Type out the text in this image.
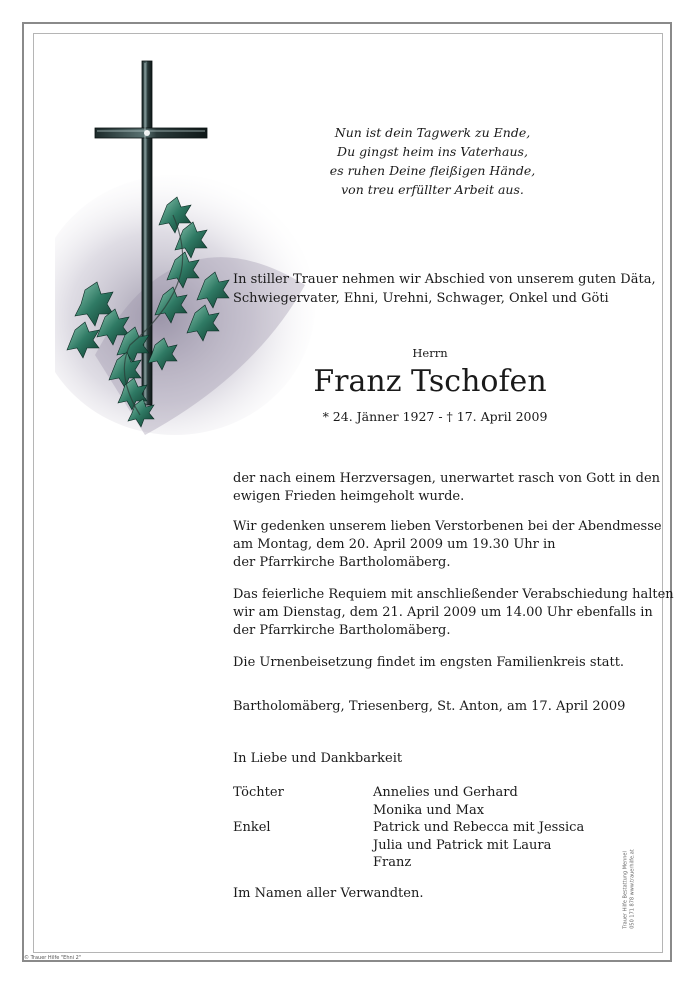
Nun ist dein Tagwerk zu Ende,
Du gingst heim ins Vaterhaus,
es ruhen Deine fleißigen Hände,
von treu erfüllter Arbeit aus.
In stiller Trauer nehmen wir Abschied von unserem guten Däta,
Schwiegervater, Ehni, Urehni, Schwager, Onkel und Göti
Herrn
Franz Tschofen
* 24. Jänner 1927 - † 17. April 2009
der nach einem Herzversagen, unerwartet rasch von Gott in den
ewigen Frieden heimgeholt wurde.
Wir gedenken unserem lieben Verstorbenen bei der Abendmesse
am Montag, dem 20. April 2009 um 19.30 Uhr in
der Pfarrkirche Bartholomäberg.
Das feierliche Requiem mit anschließender Verabschiedung halten
wir am Dienstag, dem 21. April 2009 um 14.00 Uhr ebenfalls in
der Pfarrkirche Bartholomäberg.
Die Urnenbeisetzung findet im engsten Familienkreis statt.
Bartholomäberg, Triesenberg, St. Anton, am 17. April 2009
In Liebe und Dankbarkeit
Töchter	Annelies und Gerhard
Monika und Max
Enkel	Patrick und Rebecca mit Jessica
Julia und Patrick mit Laura
Franz
Im Namen aller Verwandten.	Trauer Hilfe Bestattung Mennel 050 171 878 www.trauerhilfe.at
© Trauer Hilfe "Ehni 2"
